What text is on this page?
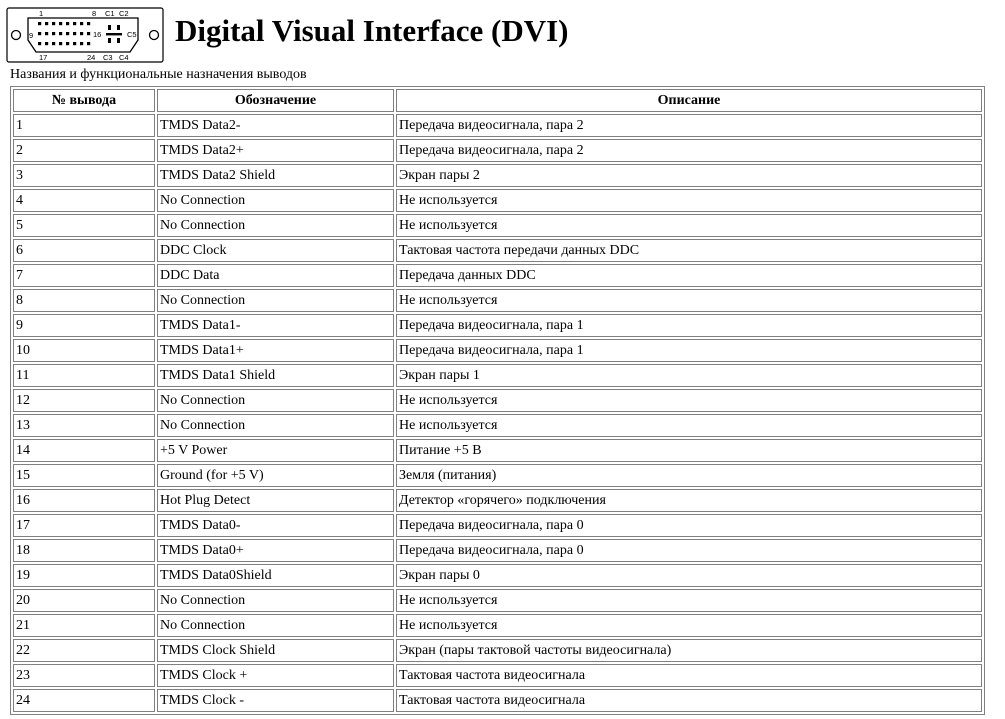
1	8 C1 C2
9	16	C5
17	24 C3 C4
Digital Visual Interface (DVI)
Названия и функциональные назначения выводов
№ вывода	Обозначение	Описание
1	TMDS Data2-	Передача видеосигнала, пара 2
2	TMDS Data2+	Передача видеосигнала, пара 2
3	TMDS Data2 Shield	Экран пары 2
4	No Connection	Не используется
5	No Connection	Не используется
6	DDC Clock	Тактовая частота передачи данных DDC
7	DDC Data	Передача данных DDC
8	No Connection	Не используется
9	TMDS Data1-	Передача видеосигнала, пара 1
10	TMDS Data1+	Передача видеосигнала, пара 1
11	TMDS Data1 Shield	Экран пары 1
12	No Connection	Не используется
13	No Connection	Не используется
14	+5 V Power	Питание +5 В
15	Ground (for +5 V)	Земля (питания)
16	Hot Plug Detect	Детектор «горячего» подключения
17	TMDS Data0-	Передача видеосигнала, пара 0
18	TMDS Data0+	Передача видеосигнала, пара 0
19	TMDS Data0Shield	Экран пары 0
20	No Connection	Не используется
21	No Connection	Не используется
22	TMDS Clock Shield	Экран (пары тактовой частоты видеосигнала)
23	TMDS Clock +	Тактовая частота видеосигнала
24	TMDS Clock -	Тактовая частота видеосигнала
